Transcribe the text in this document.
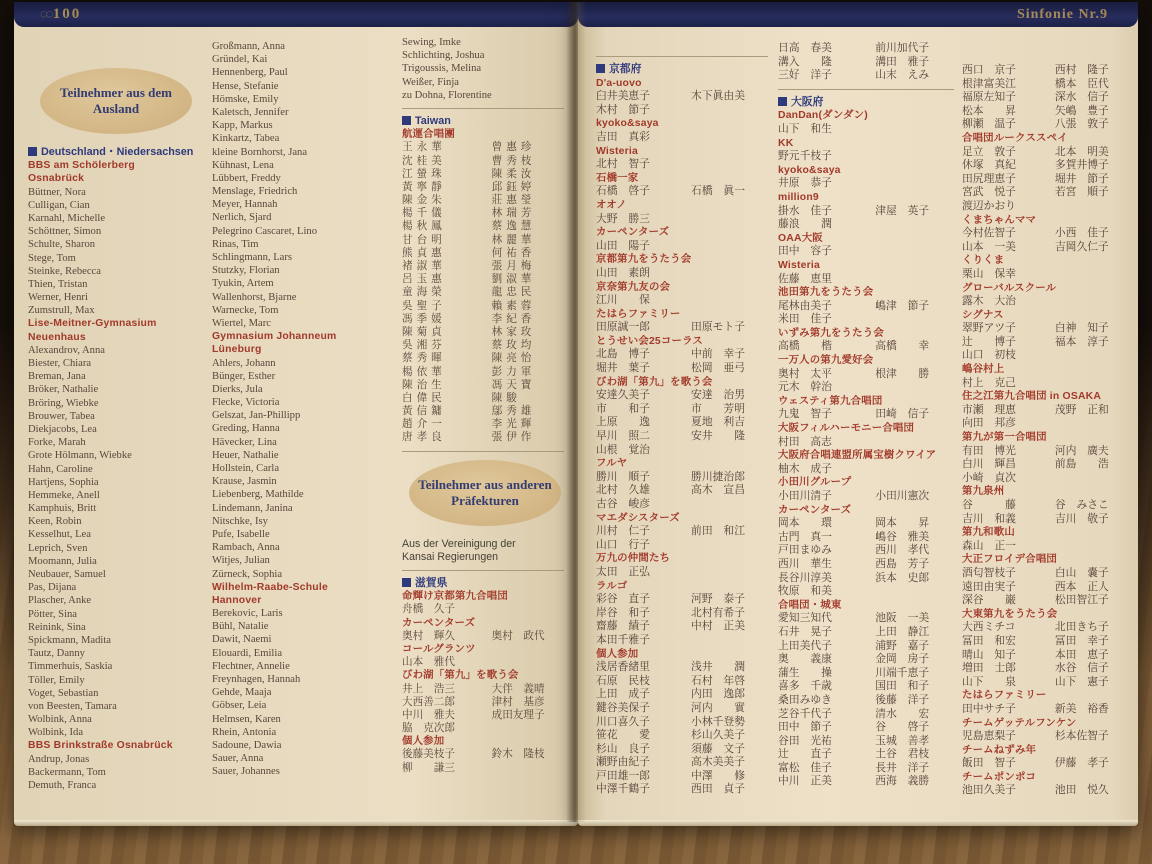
◌◌ 100
Teilnehmer aus dem Ausland
Deutschland・Niedersachsen
BBS am Schölerberg
Osnabrück
Büttner, Nora
Culligan, Cian
Karnahl, Michelle
Schöttner, Simon
Schulte, Sharon
Stege, Tom
Steinke, Rebecca
Thien, Tristan
Werner, Henri
Zumstrull, Max
Lise-Meitner-Gymnasium
Neuenhaus
Alexandrov, Anna
Biester, Chiara
Breman, Jana
Bröker, Nathalie
Bröring, Wiebke
Brouwer, Tabea
Diekjacobs, Lea
Forke, Marah
Grote Hölmann, Wiebke
Hahn, Caroline
Hartjens, Sophia
Hemmeke, Anell
Kamphuis, Britt
Keen, Robin
Kesselhut, Lea
Leprich, Sven
Moomann, Julia
Neubauer, Samuel
Pas, Dijana
Plascher, Anke
Pötter, Sina
Reinink, Sina
Spickmann, Madita
Tautz, Danny
Timmerhuis, Saskia
Töller, Emily
Voget, Sebastian
von Beesten, Tamara
Wolbink, Anna
Wolbink, Ida
BBS Brinkstraße Osnabrück
Andrup, Jonas
Backermann, Tom
Demuth, Franca
Großmann, Anna
Gründel, Kai
Hennenberg, Paul
Hense, Stefanie
Hömske, Emily
Kaletsch, Jennifer
Kapp, Markus
Kinkartz, Tabea
kleine Bornhorst, Jana
Kühnast, Lena
Lübbert, Freddy
Menslage, Friedrich
Meyer, Hannah
Nerlich, Sjard
Pelegrino Cascaret, Lino
Rinas, Tim
Schlingmann, Lars
Stutzky, Florian
Tyukin, Artem
Wallenhorst, Bjarne
Warnecke, Tom
Wiertel, Marc
Gymnasium Johanneum
Lüneburg
Ahlers, Johann
Bünger, Esther
Dierks, Jula
Flecke, Victoria
Gelszat, Jan-Phillipp
Greding, Hanna
Hävecker, Lina
Heuer, Nathalie
Hollstein, Carla
Krause, Jasmin
Liebenberg, Mathilde
Lindemann, Janina
Nitschke, Isy
Pufe, Isabelle
Rambach, Anna
Witjes, Julian
Zürneck, Sophia
Wilhelm-Raabe-Schule
Hannover
Berekovic, Laris
Bühl, Natalie
Dawit, Naemi
Elouardi, Emilia
Flechtner, Annelie
Freynhagen, Hannah
Gehde, Maaja
Göbser, Leia
Helmsen, Karen
Rhein, Antonia
Sadoune, Dawia
Sauer, Anna
Sauer, Johannes
Sewing, Imke
Schlichting, Joshua
Trigoussis, Melina
Weißer, Finja
zu Dohna, Florentine
Taiwan
航運合唱團
王永華	曾惠珍
沈桂美	曹秀枝
江螢珠	陳柔汝
黃寧靜	邱鈺婷
陳金朱	莊惠瑩
楊千儀	林瑞芳
楊秋鳳	蔡逸慧
甘台明	林麗華
熊貞惠	何祐香
褚淑華	張月梅
呂玉惠	劉淑華
童海榮	龍忠民
吳聖子	賴素蓉
馮季媛	李紀香
陳菊貞	林家玫
吳湘芬	蔡玫均
蔡秀暉	陳亮怡
楊依華	彭力軍
陳治生	馮天寶
白偉民	陳駿
黃信鏞	鄔秀雄
趙介一	李光輝
唐孝良	張伊作
Teilnehmer aus anderen Präfekturen
Aus der Vereinigung der
Kansai Regierungen
滋賀県
命輝け京都第九合唱団
舟橋　久子
カーペンターズ
奥村　輝久	奥村　政代
コールグランツ
山本　雅代
びわ湖「第九」を歌う会
井上　浩三	大伴　義晴
大西善二郎	津村　基彦
中川　雅夫	成田友理子
脇　克次郎
個人参加
後藤美枝子	鈴木　隆枝
柳　　謙三
Sinfonie Nr.9
京都府
D'a-uovo
臼井美恵子	木下眞由美
木村　節子
kyoko&saya
吉田　真彩
Wisteria
北村　智子
石橋一家
石橋　啓子	石橋　眞一
オオノ
大野　勝三
カーペンターズ
山田　陽子
京都第九をうたう会
山田　素朗
京奈第九友の会
江川　　保
たはらファミリー
田原誠一郎	田原モト子
とうせい会25コーラス
北島　博子	中前　幸子
堀井　葉子	松岡　亜弓
びわ湖「第九」を歌う会
安達久美子	安達　治男
市　　和子	市　　芳明
上原　　逸	夏地　利吉
早川　照二	安井　　隆
山根　覚治
フルヤ
勝川　順子	勝川捷治郎
北村　久雄	高木　宣昌
古谷　峻彦
マエダシスターズ
川村　仁子	前田　和江
山口　行子
万九の仲間たち
太田　正弘
ラルゴ
彩谷　直子	河野　泰子
岸谷　和子	北村有希子
齋藤　績子	中村　正美
本田千雅子
個人参加
浅居香緒里	浅井　　潤
石原　民枝	石村　年啓
上田　成子	内田　逸郎
鍵谷美保子	河内　　實
川口喜久子	小林千登勢
笹花　　愛	杉山久美子
杉山　良子	須藤　文子
瀬野由紀子	高木美美子
戸田雄一郎	中澤　　修
中澤千鶴子	西田　貞子
日高　春美	前川加代子
溝入　　隆	溝田　雅子
三好　洋子	山末　えみ
大阪府
DanDan(ダンダン)
山下　和生
KK
野元千枝子
kyoko&saya
井原　恭子
million9
掛水　佳子	津屋　英子
藤浪　　潤
OAA大阪
田中　容子
Wisteria
佐藤　恵里
池田第九をうたう会
尾林由美子	嶋津　節子
米田　佳子
いずみ第九をうたう会
高橋　　楷	高橋　　幸
一万人の第九愛好会
奥村　太平	根津　　勝
元木　幹治
ウェスティ第九合唱団
九鬼　智子	田崎　信子
大阪フィルハーモニー合唱団
村田　高志
大阪府合唱連盟所属宝樹クワイア
柚木　成子
小田川グループ
小田川清子	小田川憲次
カーペンターズ
岡本　　環	岡本　　昇
古門　真一	嶋谷　雅美
戸田まゆみ	西川　孝代
西川　華生	西島　芳子
長谷川淳美	浜本　史郎
牧原　和美
合唱団・城東
愛知三知代	池阪　一美
石井　晃子	上田　静江
上田美代子	浦野　嘉子
奥　　義康	金岡　房子
蒲生　　操	川端千恵子
喜多　千歳	国田　和子
桑田みゆき	後藤　洋子
芝谷千代子	清水　　宏
田中　節子	谷　　啓子
谷田　光祐	玉城　善孝
辻　　直子	土谷　君枝
富松　佳子	長井　洋子
中川　正美	西海　義勝
西口　京子	西村　隆子
根津富美江	橋本　臣代
福原左知子	深水　信子
松本　　昇	矢嶋　豊子
柳瀬　温子	八張　敦子
合唱団ルークススペイ
足立　敦子	北本　明美
休塚　真紀	多賀井博子
田尻理恵子	堀井　節子
宮武　悦子	若宮　順子
渡辺かおり
くまちゃんママ
今村佐智子	小西　佳子
山本　一美	吉岡久仁子
くりくま
栗山　保幸
グローバルスクール
露木　大治
シグナス
翠野アツ子	白神　知子
辻　　博子	福本　淳子
山口　初枝
嶋谷村上
村上　克己
住之江第九合唱団 in OSAKA
市瀬　理恵	茂野　正和
向田　邦彦
第九が第一合唱団
有田　博光	河内　廣夫
白川　輝昌	前島　　浩
小崎　貞次
第九泉州
谷　　　藤	谷　みさこ
吉川　和義	吉川　敬子
第九和歌山
森山　正一
大正フロイデ合唱団
酒匂智枝子	白山　嚢子
遠田由実子	西本　正人
深谷　　巌	松田智江子
大東第九をうたう会
大西ミチコ	北田きち子
冨田　和宏	冨田　幸子
晴山　知子	本田　恵子
増田　士郎	水谷　信子
山下　　泉	山下　憲子
たはらファミリー
田中サチ子	新美　裕香
チームゲッテルフンケン
児島恵梨子	杉本佐智子
チームねずみ年
飯田　智子	伊藤　孝子
チームポンポコ
池田久美子	池田　悦久
